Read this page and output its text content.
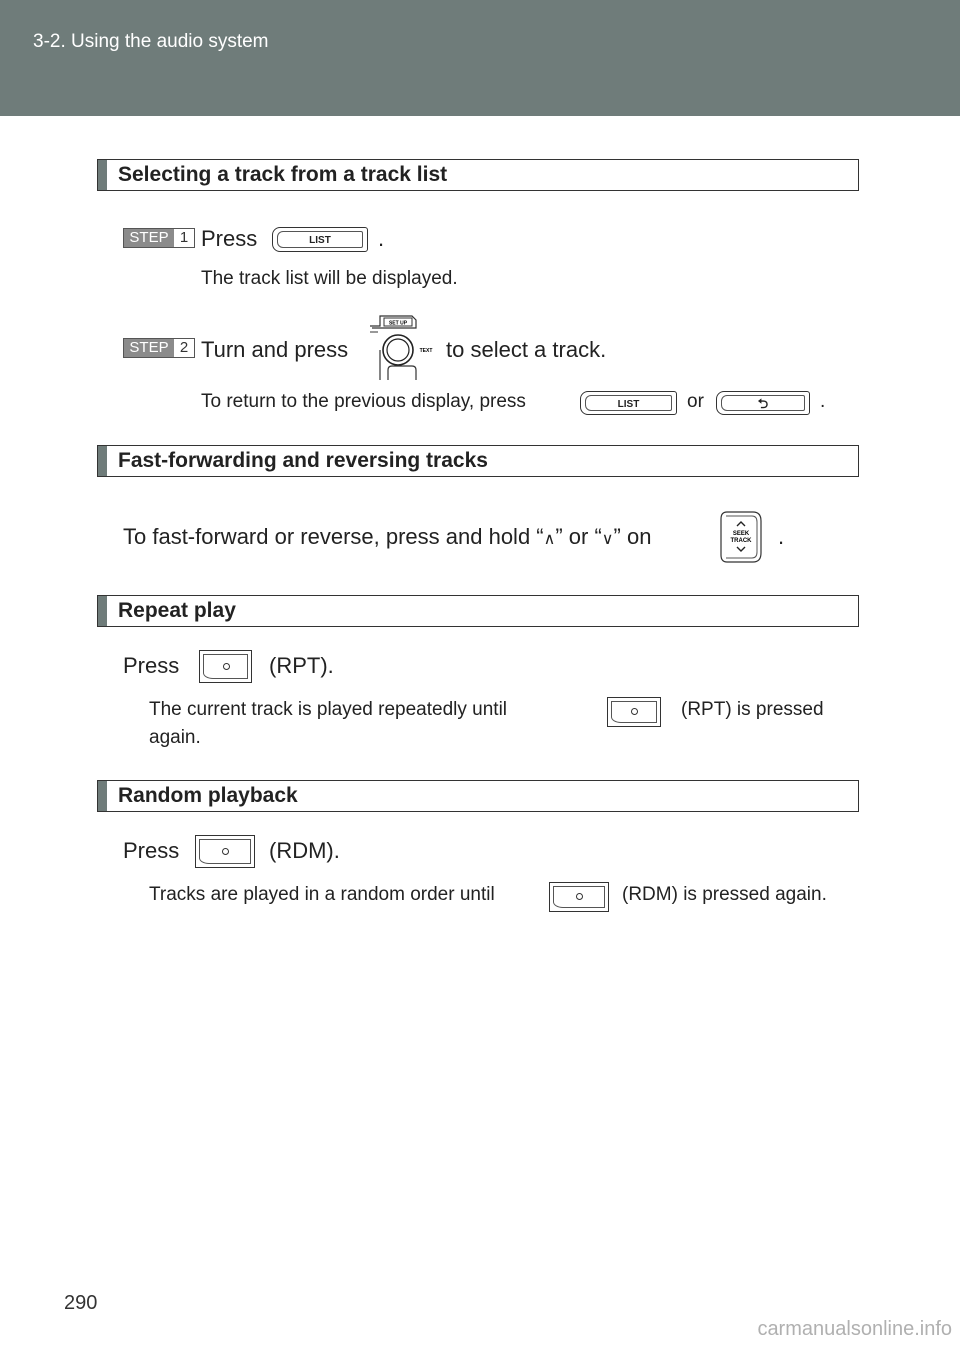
3-2. Using the audio system
Selecting a track from a track list
STEP 1 Press	LIST	.
The track list will be displayed.
STEP 2 Turn and press
SET UP
TEXT to select a track.
To return to the previous display, press	LIST	or	⮌	.
Fast-forwarding and reversing tracks
To fast-forward or reverse, press and hold “∧” or “∨” on	SEEK
TRACK .
Repeat play
Press	(RPT).
The current track is played repeatedly until	(RPT) is pressed
again.
Random playback
Press	(RDM).
Tracks are played in a random order until	(RDM) is pressed again.
290
carmanualsonline.info
